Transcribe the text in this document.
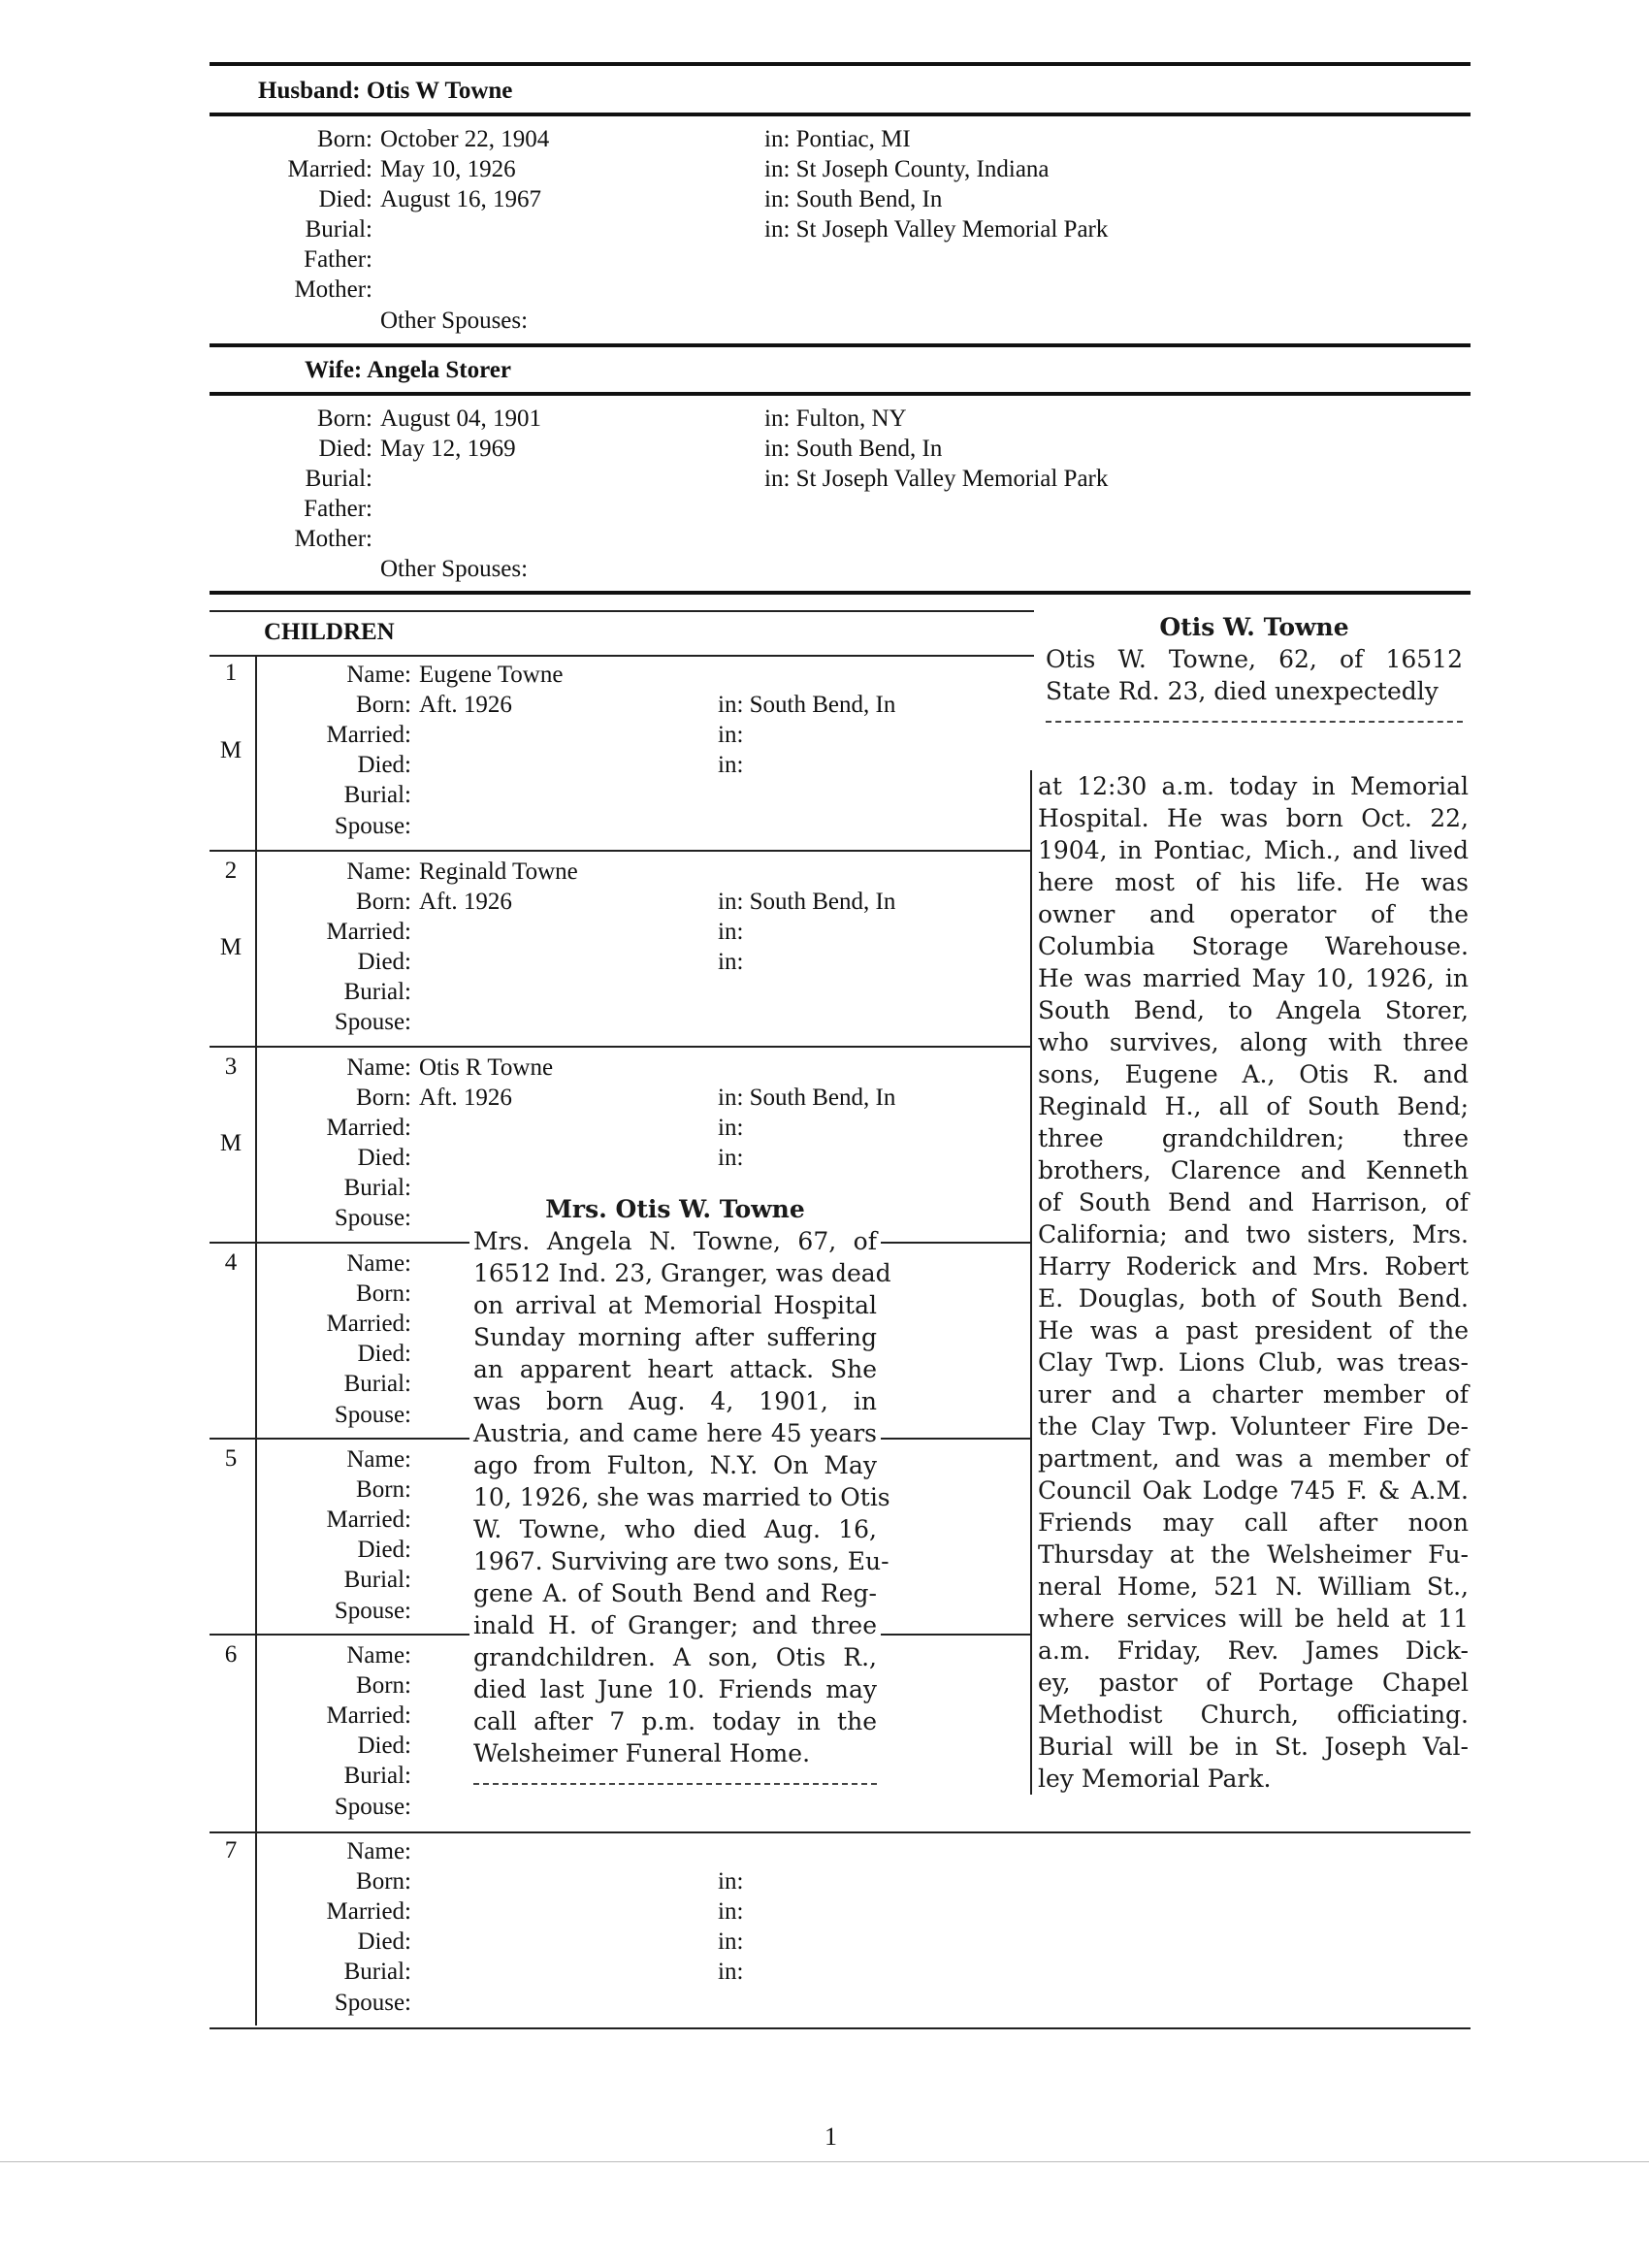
Husband: Otis W Towne
Born: October 22, 1904	in: Pontiac, MI
Married: May 10, 1926	in: St Joseph County, Indiana
Died: August 16, 1967	in: South Bend, In
Burial:	in: St Joseph Valley Memorial Park
Father:
Mother:
Other Spouses:
Wife: Angela Storer
Born: August 04, 1901	in: Fulton, NY
Died: May 12, 1969	in: South Bend, In
Burial:	in: St Joseph Valley Memorial Park
Father:
Mother:
Other Spouses:
CHILDREN
1
M
Name: Eugene Towne
Born: Aft. 1926	in: South Bend, In
Married:	in:
Died:	in:
Burial:
Spouse:
2
M
Name: Reginald Towne
Born: Aft. 1926	in: South Bend, In
Married:	in:
Died:	in:
Burial:
Spouse:
3
M
Name: Otis R Towne
Born: Aft. 1926	in: South Bend, In
Married:	in:
Died:	in:
Burial:
Spouse:
4	Name:
Born:
Married:
Died:
Burial:
Spouse:
5	Name:
Born:
Married:
Died:
Burial:
Spouse:
6	Name:
Born:
Married:
Died:
Burial:
Spouse:
7	Name:
Born:	in:
Married:	in:
Died:	in:
Burial:	in:
Spouse:
Otis W. Towne
Otis W. Towne, 62, of 16512
State Rd. 23, died unexpectedly
at 12:30 a.m. today in Memorial
Hospital. He was born Oct. 22,
1904, in Pontiac, Mich., and lived
here most of his life. He was
owner and operator of the
Columbia Storage Warehouse.
He was married May 10, 1926, in
South Bend, to Angela Storer,
who survives, along with three
sons, Eugene A., Otis R. and
Reginald H., all of South Bend;
three grandchildren; three
brothers, Clarence and Kenneth
of South Bend and Harrison, of
California; and two sisters, Mrs.
Harry Roderick and Mrs. Robert
E. Douglas, both of South Bend.
He was a past president of the
Clay Twp. Lions Club, was treas-
urer and a charter member of
the Clay Twp. Volunteer Fire De-
partment, and was a member of
Council Oak Lodge 745 F. & A.M.
Friends may call after noon
Thursday at the Welsheimer Fu-
neral Home, 521 N. William St.,
where services will be held at 11
a.m. Friday, Rev. James Dick-
ey, pastor of Portage Chapel
Methodist Church, officiating.
Burial will be in St. Joseph Val-
ley Memorial Park.
Mrs. Otis W. Towne
Mrs. Angela N. Towne, 67, of
16512 Ind. 23, Granger, was dead
on arrival at Memorial Hospital
Sunday morning after suffering
an apparent heart attack. She
was born Aug. 4, 1901, in
Austria, and came here 45 years
ago from Fulton, N.Y. On May
10, 1926, she was married to Otis
W. Towne, who died Aug. 16,
1967. Surviving are two sons, Eu-
gene A. of South Bend and Reg-
inald H. of Granger; and three
grandchildren. A son, Otis R.,
died last June 10. Friends may
call after 7 p.m. today in the
Welsheimer Funeral Home.
1
